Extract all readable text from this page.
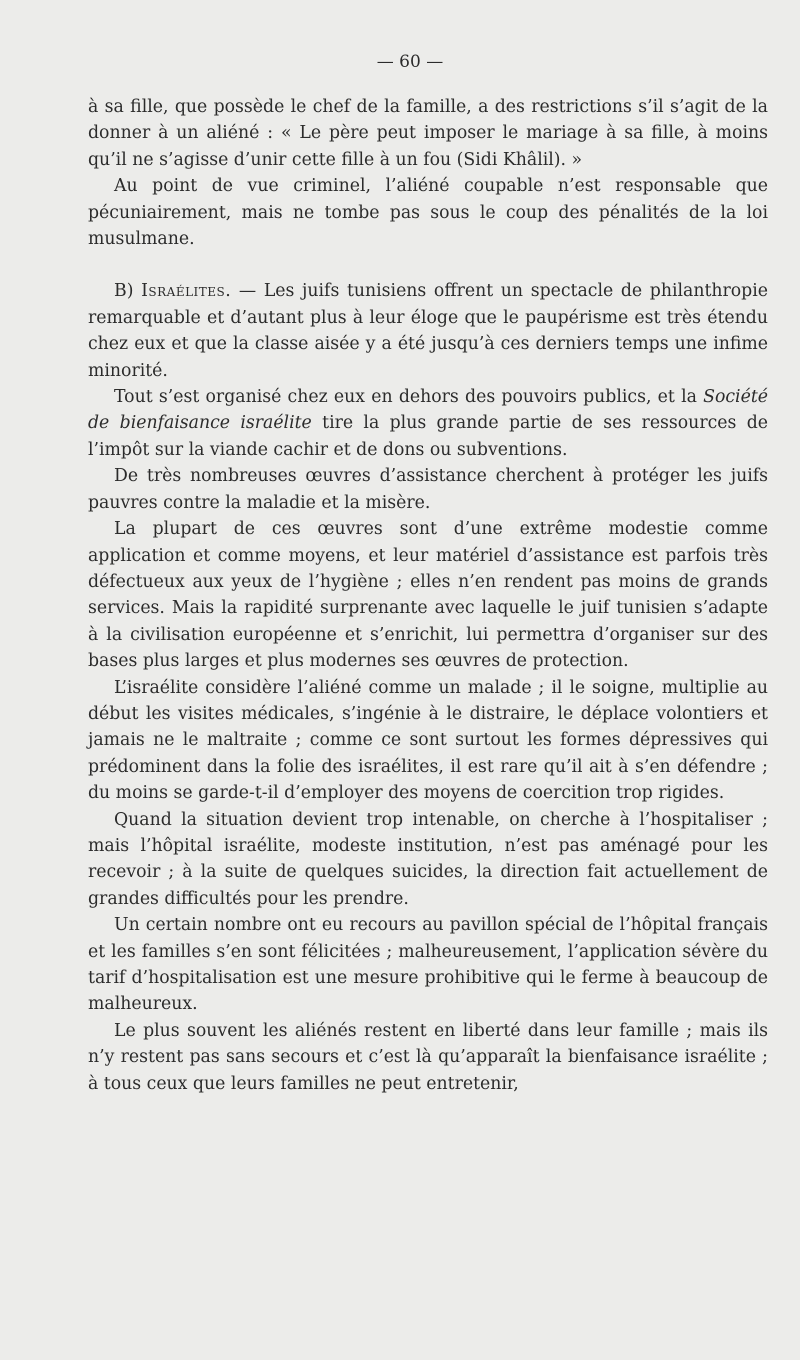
— 60 —

à sa fille, que possède le chef de la famille, a des restrictions s’il s’agit de la donner à un aliéné : « Le père peut imposer le mariage à sa fille, à moins qu’il ne s’agisse d’unir cette fille à un fou (Sidi Khâlil). »

Au point de vue criminel, l’aliéné coupable n’est responsable que pécuniairement, mais ne tombe pas sous le coup des pénalités de la loi musulmane.

B) Israélites. — Les juifs tunisiens offrent un spectacle de philanthropie remarquable et d’autant plus à leur éloge que le paupérisme est très étendu chez eux et que la classe aisée y a été jusqu’à ces derniers temps une infime minorité.

Tout s’est organisé chez eux en dehors des pouvoirs publics, et la Société de bienfaisance israélite tire la plus grande partie de ses ressources de l’impôt sur la viande cachir et de dons ou subventions.

De très nombreuses œuvres d’assistance cherchent à protéger les juifs pauvres contre la maladie et la misère.

La plupart de ces œuvres sont d’une extrême modestie comme application et comme moyens, et leur matériel d’assistance est parfois très défectueux aux yeux de l’hygiène ; elles n’en rendent pas moins de grands services. Mais la rapidité surprenante avec laquelle le juif tunisien s’adapte à la civilisation européenne et s’enrichit, lui permettra d’organiser sur des bases plus larges et plus modernes ses œuvres de protection.

L’israélite considère l’aliéné comme un malade ; il le soigne, multiplie au début les visites médicales, s’ingénie à le distraire, le déplace volontiers et jamais ne le maltraite ; comme ce sont surtout les formes dépressives qui prédominent dans la folie des israélites, il est rare qu’il ait à s’en défendre ; du moins se garde-t-il d’employer des moyens de coercition trop rigides.

Quand la situation devient trop intenable, on cherche à l’hospitaliser ; mais l’hôpital israélite, modeste institution, n’est pas aménagé pour les recevoir ; à la suite de quelques suicides, la direction fait actuellement de grandes difficultés pour les prendre.

Un certain nombre ont eu recours au pavillon spécial de l’hôpital français et les familles s’en sont félicitées ; malheureusement, l’application sévère du tarif d’hospitalisation est une mesure prohibitive qui le ferme à beaucoup de malheureux.

Le plus souvent les aliénés restent en liberté dans leur famille ; mais ils n’y restent pas sans secours et c’est là qu’apparaît la bienfaisance israélite ; à tous ceux que leurs familles ne peut entretenir,
